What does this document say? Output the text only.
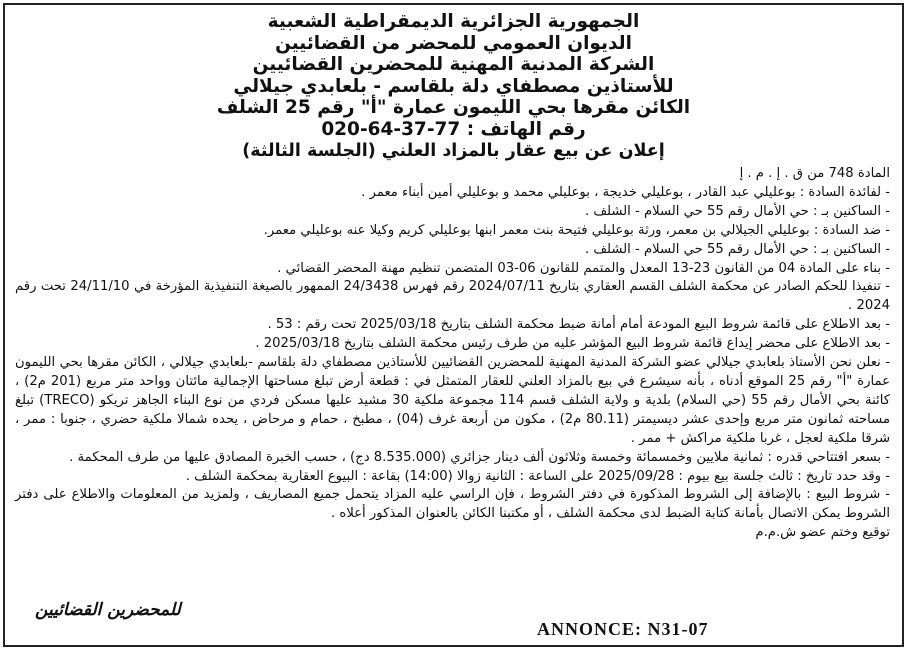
الجمهورية الجزائرية الديمقراطية الشعبية
الديوان العمومي للمحضر من القضائيين
الشركة المدنية المهنية للمحضرين القضائيين
للأستاذين مصطفاي دلة بلقاسم - بلعابدي جيلالي
الكائن مقرها بحي الليمون عمارة "أ" رقم 25 الشلف
رقم الهاتف : 77-37-64-020
إعلان عن بيع عقار بالمزاد العلني (الجلسة الثالثة)

المادة 748 من ق . إ . م . إ

- لفائدة السادة : بوعليلي عبد القادر ، بوعليلي خديجة ، بوعليلي محمد و بوعليلي أمين أبناء معمر .

- الساكنين بـ : حي الأمال رقم 55 حي السلام - الشلف .

- ضد السادة : بوعليلي الجيلالي بن معمر، ورثة بوعليلي فتيحة بنت معمر ابنها بوعليلي كريم وكيلا عنه بوعليلي معمر.

- الساكنين بـ : حي الأمال رقم 55 حي السلام - الشلف .

- بناء على المادة 04 من القانون 23-13 المعدل والمتمم للقانون 06-03 المتضمن تنظيم مهنة المحضر القضائي .

- تنفيذا للحكم الصادر عن محكمة الشلف القسم العقاري بتاريخ 2024/07/11 رقم فهرس 24/3438 الممهور بالصيغة التنفيذية المؤرخة في 24/11/10 تحت رقم 2024 .

- بعد الاطلاع على قائمة شروط البيع المودعة أمام أمانة ضبط محكمة الشلف بتاريخ 2025/03/18 تحت رقم : 53 .

- بعد الاطلاع على محضر إيداع قائمة شروط البيع المؤشر عليه من طرف رئيس محكمة الشلف بتاريخ 2025/03/18 .

- نعلن نحن الأستاذ بلعابدي جيلالي عضو الشركة المدنية المهنية للمحضرين القضائيين للأستاذين مصطفاي دلة بلقاسم -بلعابدي جيلالي ، الكائن مقرها بحي الليمون عمارة "أ" رقم 25 الموقع أدناه ، بأنه سيشرع في بيع بالمزاد العلني للعقار المتمثل في : قطعة أرض تبلغ مساحتها الإجمالية مائتان وواحد متر مربع (201 م2) ، كائنة بحي الأمال رقم 55 (حي السلام) بلدية و ولاية الشلف قسم 114 مجموعة ملكية 30 مشيد عليها مسكن فردي من نوع البناء الجاهز تريكو (TRECO) تبلغ مساحته ثمانون متر مربع وإحدى عشر ديسيمتر (80.11 م2) ، مكون من أربعة غرف (04) ، مطبخ ، حمام و مرحاض ، يحده شمالا ملكية حضري ، جنوبا : ممر ، شرقا ملكية لعجل ، غربا ملكية مراكش + ممر .

- بسعر افتتاحي قدره : ثمانية ملايين وخمسمائة وخمسة وثلاثون ألف دينار جزائري (8.535.000 دج) ، حسب الخبرة المصادق عليها من طرف المحكمة .

- وقد حدد تاريخ : ثالث جلسة بيع بيوم : 2025/09/28 على الساعة : الثانية زوالا (14:00) بقاعة : البيوع العقارية بمحكمة الشلف .

- شروط البيع : بالإضافة إلى الشروط المذكورة في دفتر الشروط ، فإن الراسي عليه المزاد يتحمل جميع المصاريف ، ولمزيد من المعلومات والاطلاع على دفتر الشروط يمكن الاتصال بأمانة كتابة الضبط لدى محكمة الشلف ، أو مكتبنا الكائن بالعنوان المذكور أعلاه .

توقيع وختم عضو ش.م.م

للمحضرين القضائيين
ANNONCE: N31-07
